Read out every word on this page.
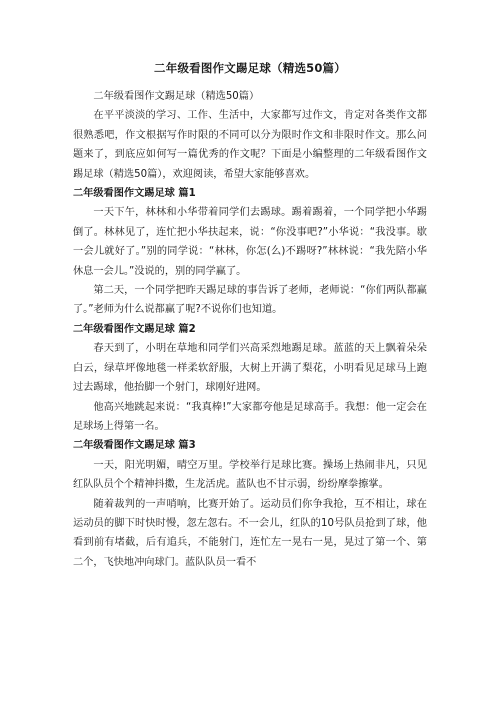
二年级看图作文踢足球（精选50篇）

二年级看图作文踢足球（精选50篇）

在平平淡淡的学习、工作、生活中，大家都写过作文，肯定对各类作文都很熟悉吧，作文根据写作时限的不同可以分为限时作文和非限时作文。那么问题来了，到底应如何写一篇优秀的作文呢？下面是小编整理的二年级看图作文踢足球（精选50篇），欢迎阅读，希望大家能够喜欢。

二年级看图作文踢足球 篇1

一天下午，林林和小华带着同学们去踢球。踢着踢着，一个同学把小华踢倒了。林林见了，连忙把小华扶起来，说：“你没事吧?”小华说：“我没事。歇一会儿就好了。”别的同学说：“林林，你怎(么)不踢呀?”林林说：“我先陪小华休息一会儿。”没说的，别的同学赢了。

第二天，一个同学把昨天踢足球的事告诉了老师，老师说：“你们两队都赢了。”老师为什么说都赢了呢?不说你们也知道。

二年级看图作文踢足球 篇2

春天到了，小明在草地和同学们兴高采烈地踢足球。蓝蓝的天上飘着朵朵白云，绿草坪像地毯一样柔软舒服，大树上开满了梨花，小明看见足球马上跑过去踢球，他抬脚一个射门，球刚好进网。

他高兴地跳起来说：“我真棒!”大家都夸他是足球高手。我想：他一定会在足球场上得第一名。

二年级看图作文踢足球 篇3

一天，阳光明媚，晴空万里。学校举行足球比赛。操场上热闹非凡，只见红队队员个个精神抖擞，生龙活虎。蓝队也不甘示弱，纷纷摩拳擦掌。

随着裁判的一声哨响，比赛开始了。运动员们你争我抢，互不相让，球在运动员的脚下时快时慢，忽左忽右。不一会儿，红队的10号队员抢到了球，他看到前有堵截，后有追兵，不能射门，连忙左一晃右一晃，晃过了第一个、第二个，飞快地冲向球门。蓝队队员一看不
